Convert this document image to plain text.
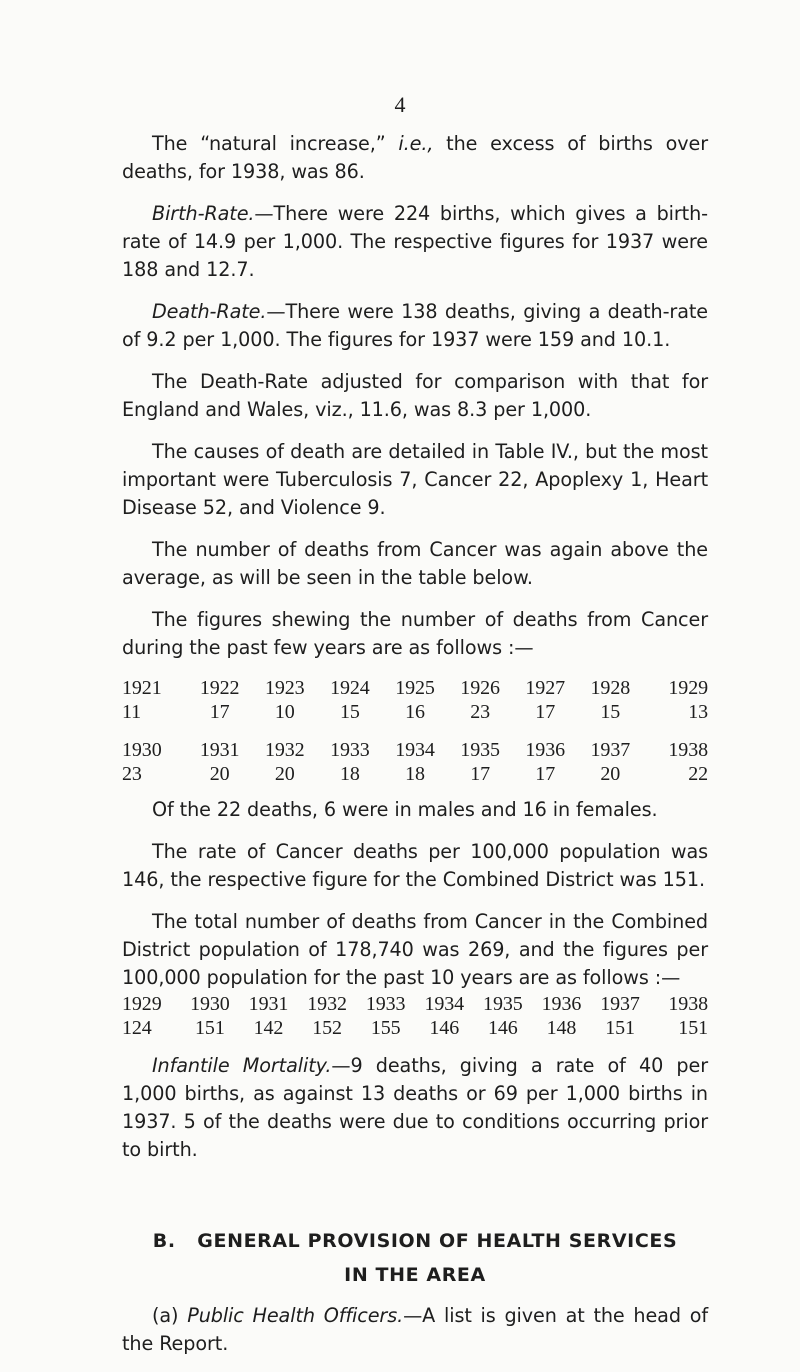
4

The “natural increase,” i.e., the excess of births over deaths, for 1938, was 86.

Birth-Rate.—There were 224 births, which gives a birth-rate of 14.9 per 1,000. The respective figures for 1937 were 188 and 12.7.

Death-Rate.—There were 138 deaths, giving a death-rate of 9.2 per 1,000. The figures for 1937 were 159 and 10.1.

The Death-Rate adjusted for comparison with that for England and Wales, viz., 11.6, was 8.3 per 1,000.

The causes of death are detailed in Table IV., but the most important were Tuberculosis 7, Cancer 22, Apoplexy 1, Heart Disease 52, and Violence 9.

The number of deaths from Cancer was again above the average, as will be seen in the table below.

The figures shewing the number of deaths from Cancer during the past few years are as follows :—

1921	1922	1923	1924	1925	1926	1927	1928	1929
11	17	10	15	16	23	17	15	13
1930	1931	1932	1933	1934	1935	1936	1937	1938
23	20	20	18	18	17	17	20	22

Of the 22 deaths, 6 were in males and 16 in females.

The rate of Cancer deaths per 100,000 population was 146, the respective figure for the Combined District was 151.

The total number of deaths from Cancer in the Combined District population of 178,740 was 269, and the figures per 100,000 population for the past 10 years are as follows :—

1929	1930	1931	1932	1933	1934	1935	1936	1937	1938
124	151	142	152	155	146	146	148	151	151

Infantile Mortality.—9 deaths, giving a rate of 40 per 1,000 births, as against 13 deaths or 69 per 1,000 births in 1937. 5 of the deaths were due to conditions occurring prior to birth.

B.   GENERAL PROVISION OF HEALTH SERVICES
IN THE AREA

(a) Public Health Officers.—A list is given at the head of the Report.
